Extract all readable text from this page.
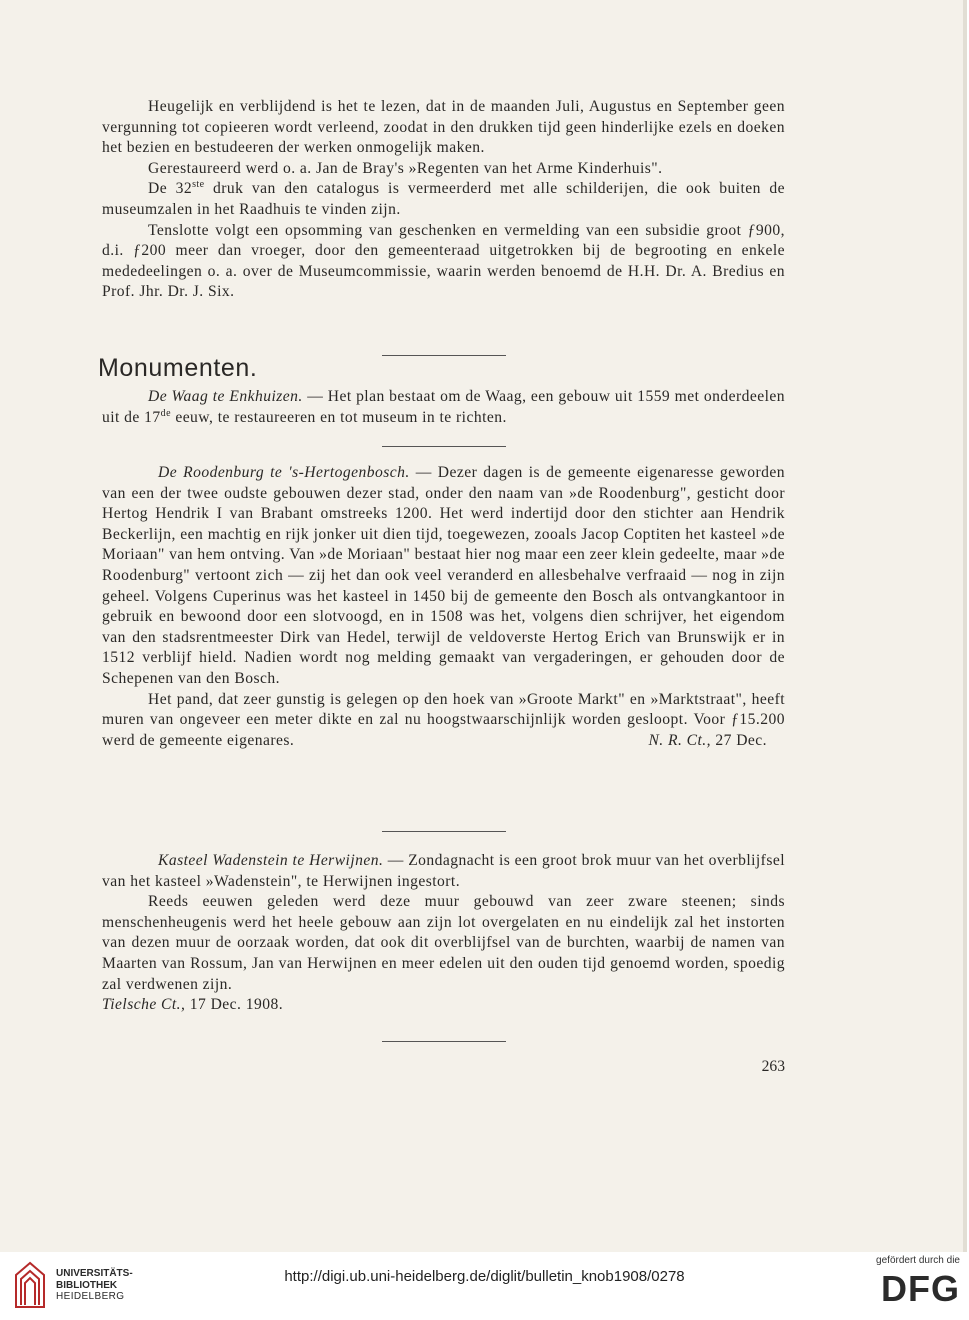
Heugelijk en verblijdend is het te lezen, dat in de maanden Juli, Augustus en September geen vergunning tot copieeren wordt verleend, zoodat in den drukken tijd geen hinderlijke ezels en doeken het bezien en bestudeeren der werken onmogelijk maken.

Gerestaureerd werd o. a. Jan de Bray's »Regenten van het Arme Kinderhuis".

De 32ste druk van den catalogus is vermeerderd met alle schilderijen, die ook buiten de museumzalen in het Raadhuis te vinden zijn.

Tenslotte volgt een opsomming van geschenken en vermelding van een subsidie groot ƒ900, d.i. ƒ200 meer dan vroeger, door den gemeenteraad uitgetrokken bij de begrooting en enkele mededeelingen o. a. over de Museumcommissie, waarin werden benoemd de H.H. Dr. A. Bredius en Prof. Jhr. Dr. J. Six.

Monumenten.

De Waag te Enkhuizen. — Het plan bestaat om de Waag, een gebouw uit 1559 met onderdeelen uit de 17de eeuw, te restaureeren en tot museum in te richten.

De Roodenburg te 's-Hertogenbosch. — Dezer dagen is de gemeente eigenaresse geworden van een der twee oudste gebouwen dezer stad, onder den naam van »de Roodenburg", gesticht door Hertog Hendrik I van Brabant omstreeks 1200. Het werd indertijd door den stichter aan Hendrik Beckerlijn, een machtig en rijk jonker uit dien tijd, toegewezen, zooals Jacop Coptiten het kasteel »de Moriaan" van hem ontving. Van »de Moriaan" bestaat hier nog maar een zeer klein gedeelte, maar »de Roodenburg" vertoont zich — zij het dan ook veel veranderd en allesbehalve verfraaid — nog in zijn geheel. Volgens Cuperinus was het kasteel in 1450 bij de gemeente den Bosch als ontvangkantoor in gebruik en bewoond door een slotvoogd, en in 1508 was het, volgens dien schrijver, het eigendom van den stadsrentmeester Dirk van Hedel, terwijl de veldoverste Hertog Erich van Brunswijk er in 1512 verblijf hield. Nadien wordt nog melding gemaakt van vergaderingen, er gehouden door de Schepenen van den Bosch.

Het pand, dat zeer gunstig is gelegen op den hoek van »Groote Markt" en »Marktstraat", heeft muren van ongeveer een meter dikte en zal nu hoogstwaarschijnlijk worden gesloopt. Voor ƒ15.200 werd de gemeente eigenares.	N. R. Ct., 27 Dec.

Kasteel Wadenstein te Herwijnen. — Zondagnacht is een groot brok muur van het overblijfsel van het kasteel »Wadenstein", te Herwijnen ingestort.

Reeds eeuwen geleden werd deze muur gebouwd van zeer zware steenen; sinds menschenheugenis werd het heele gebouw aan zijn lot overgelaten en nu eindelijk zal het instorten van dezen muur de oorzaak worden, dat ook dit overblijfsel van de burchten, waarbij de namen van Maarten van Rossum, Jan van Herwijnen en meer edelen uit den ouden tijd genoemd worden, spoedig zal verdwenen zijn.

Tielsche Ct., 17 Dec. 1908.

263
UNIVERSITÄTS-
BIBLIOTHEK
HEIDELBERG
http://digi.ub.uni-heidelberg.de/diglit/bulletin_knob1908/0278
gefördert durch die
DFG
